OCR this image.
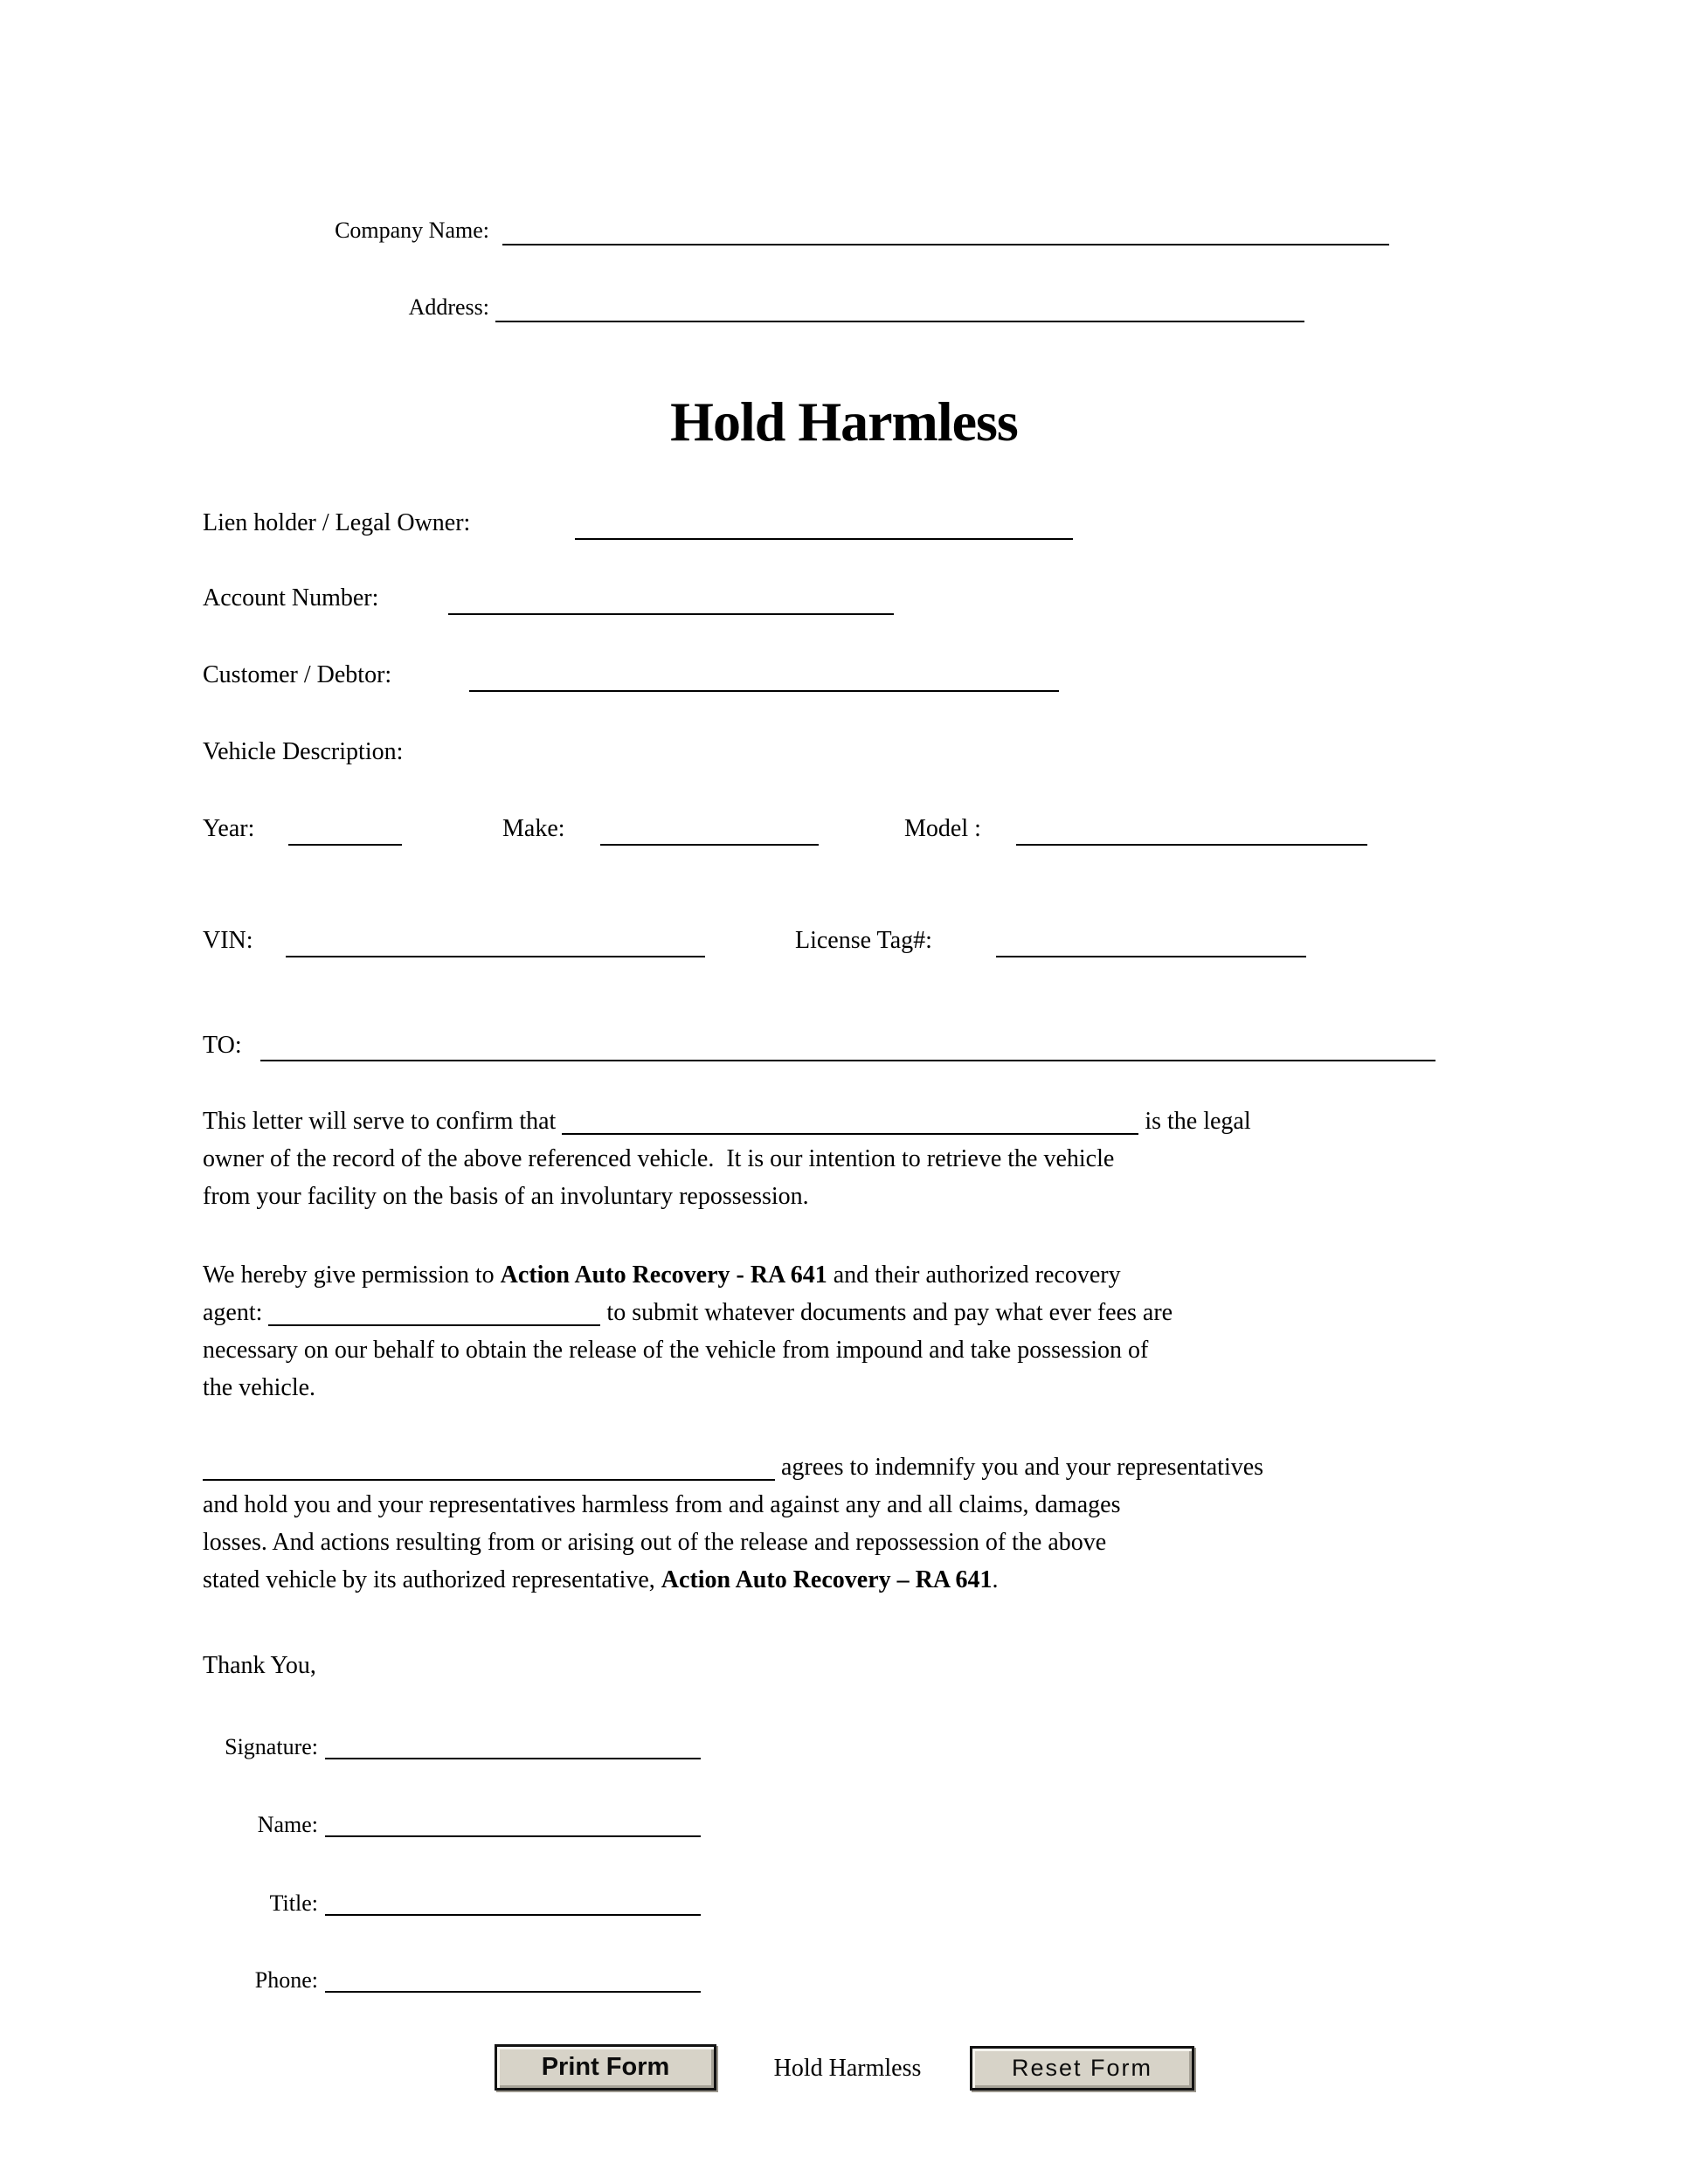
Company Name:
Address:
Hold Harmless
Lien holder / Legal Owner:
Account Number:
Customer / Debtor:
Vehicle Description:
Year:	Make:	Model :
VIN:	License Tag#:
TO:
This letter will serve to confirm that	is the legal
owner of the record of the above referenced vehicle.  It is our intention to retrieve the vehicle
from your facility on the basis of an involuntary repossession.
We hereby give permission to Action Auto Recovery - RA 641 and their authorized recovery
agent:	to submit whatever documents and pay what ever fees are
necessary on our behalf to obtain the release of the vehicle from impound and take possession of
the vehicle.
agrees to indemnify you and your representatives
and hold you and your representatives harmless from and against any and all claims, damages
losses. And actions resulting from or arising out of the release and repossession of the above
stated vehicle by its authorized representative, Action Auto Recovery – RA 641.
Thank You,
Signature:
Name:
Title:
Phone:
Print Form	Hold Harmless	Reset Form
